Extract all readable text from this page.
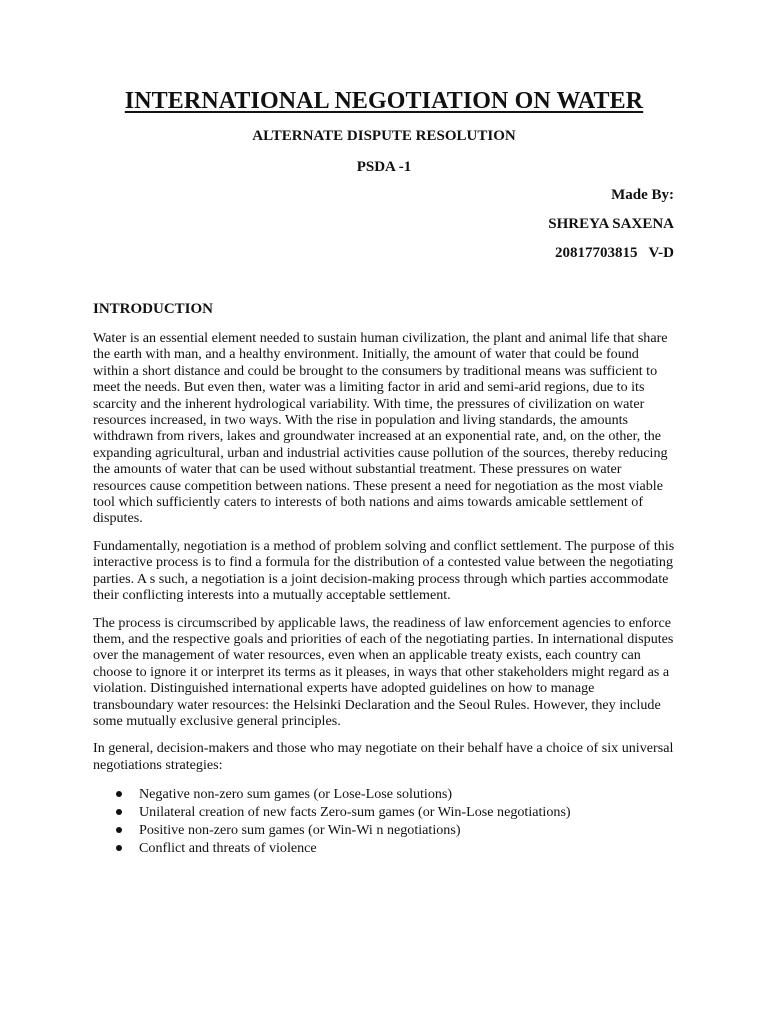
INTERNATIONAL NEGOTIATION ON WATER

ALTERNATE DISPUTE RESOLUTION

PSDA -1

Made By:

SHREYA SAXENA

20817703815   V-D

INTRODUCTION

Water is an essential element needed to sustain human civilization, the plant and animal life that share the earth with man, and a healthy environment. Initially, the amount of water that could be found within a short distance and could be brought to the consumers by traditional means was sufficient to meet the needs. But even then, water was a limiting factor in arid and semi-arid regions, due to its scarcity and the inherent hydrological variability. With time, the pressures of civilization on water resources increased, in two ways. With the rise in population and living standards, the amounts withdrawn from rivers, lakes and groundwater increased at an exponential rate, and, on the other, the expanding agricultural, urban and industrial activities cause pollution of the sources, thereby reducing the amounts of water that can be used without substantial treatment. These pressures on water resources cause competition between nations. These present a need for negotiation as the most viable tool which sufficiently caters to interests of both nations and aims towards amicable settlement of disputes.

Fundamentally, negotiation is a method of problem solving and conflict settlement. The purpose of this interactive process is to find a formula for the distribution of a contested value between the negotiating parties. A s such, a negotiation is a joint decision-making process through which parties accommodate their conflicting interests into a mutually acceptable settlement.

The process is circumscribed by applicable laws, the readiness of law enforcement agencies to enforce them, and the respective goals and priorities of each of the negotiating parties. In international disputes over the management of water resources, even when an applicable treaty exists, each country can choose to ignore it or interpret its terms as it pleases, in ways that other stakeholders might regard as a violation. Distinguished international experts have adopted guidelines on how to manage transboundary water resources: the Helsinki Declaration and the Seoul Rules. However, they include some mutually exclusive general principles.

In general, decision-makers and those who may negotiate on their behalf have a choice of six universal negotiations strategies:

Negative non-zero sum games (or Lose-Lose solutions)
Unilateral creation of new facts Zero-sum games (or Win-Lose negotiations)
Positive non-zero sum games (or Win-Wi n negotiations)
Conflict and threats of violence
